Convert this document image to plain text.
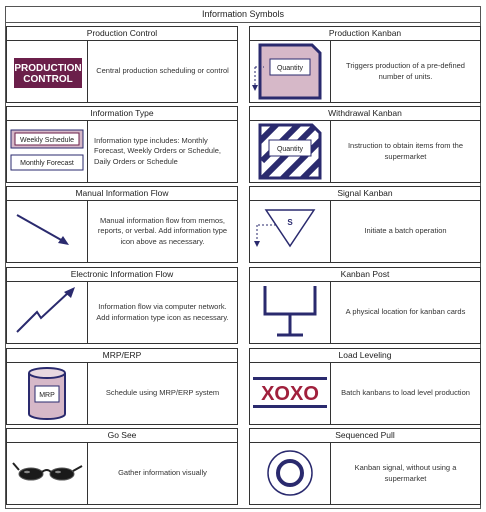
Information Symbols
Production Control
PRODUCTION
CONTROL
Central production scheduling or control
Production Kanban
Quantity	Triggers production of a pre-defined number of units.
Information Type
Weekly Schedule
Monthly Forecast
Information type includes: Monthly Forecast, Weekly Orders or Schedule, Daily Orders or Schedule
Withdrawal Kanban
Quantity	Instruction to obtain items from the supermarket
Manual Information Flow
Manual information flow from memos, reports, or verbal. Add information type icon above as necessary.
Signal Kanban
S
Initiate a batch operation
Electronic Information Flow
Information flow via computer network. Add information type icon as necessary.
Kanban Post
A physical location for kanban cards
MRP/ERP
MRP	Schedule using MRP/ERP system
Load Leveling
XOXO	Batch kanbans to load level production
Go See
Gather information visually
Sequenced Pull
Kanban signal, without using a supermarket
